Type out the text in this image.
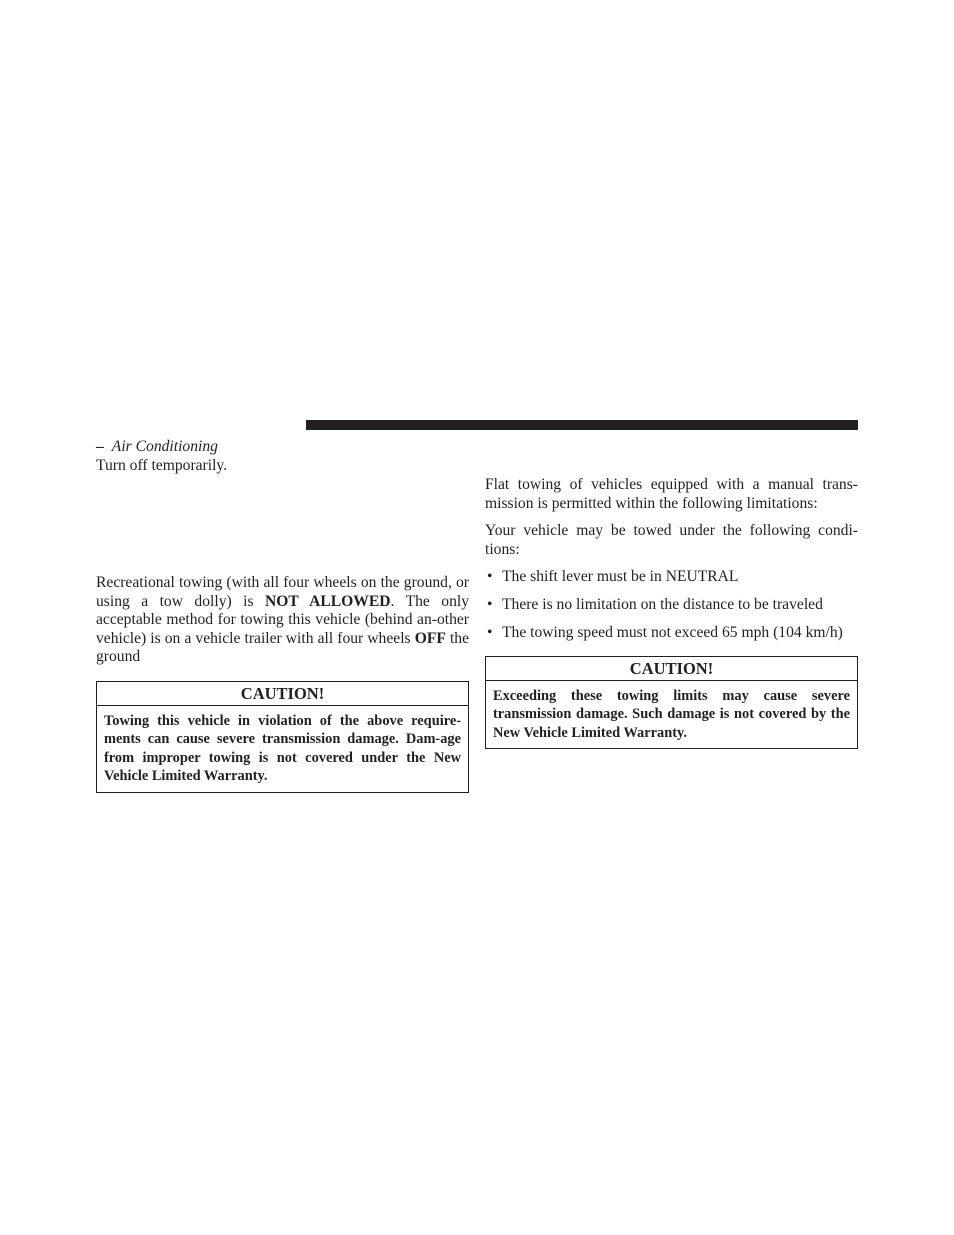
– Air Conditioning

Turn off temporarily.

Recreational towing (with all four wheels on the ground, or using a tow dolly) is NOT ALLOWED. The only acceptable method for towing this vehicle (behind an-other vehicle) is on a vehicle trailer with all four wheels OFF the ground

CAUTION!
Towing this vehicle in violation of the above require-ments can cause severe transmission damage. Dam-age from improper towing is not covered under the New Vehicle Limited Warranty.

Flat towing of vehicles equipped with a manual trans-mission is permitted within the following limitations:

Your vehicle may be towed under the following condi-tions:

• The shift lever must be in NEUTRAL
• There is no limitation on the distance to be traveled
• The towing speed must not exceed 65 mph (104 km/h)
CAUTION!
Exceeding these towing limits may cause severe transmission damage. Such damage is not covered by the New Vehicle Limited Warranty.
